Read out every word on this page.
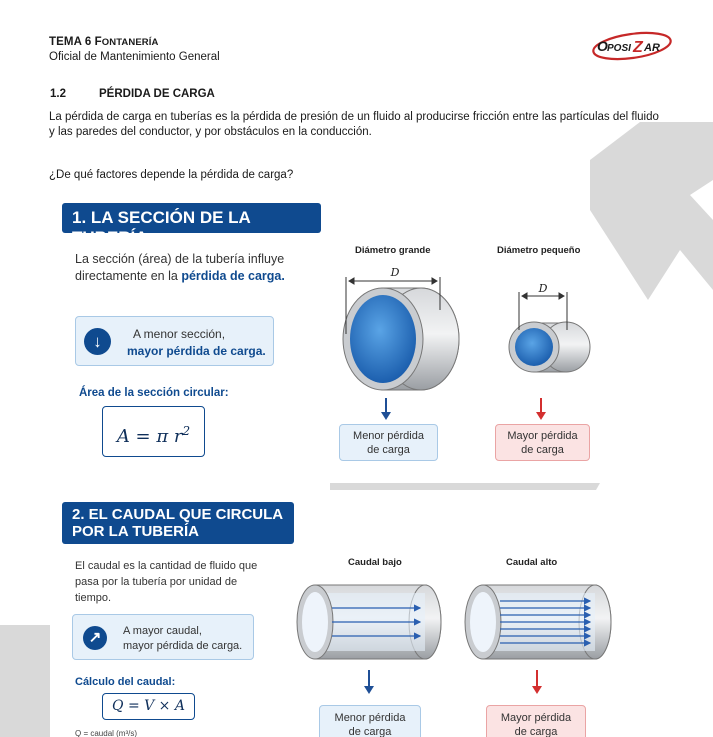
TEMA 6 FONTANERÍA
Oficial de Mantenimiento General
O POSI Z AR
1.2	PÉRDIDA DE CARGA
La pérdida de carga en tuberías es la pérdida de presión de un fluido al producirse fricción entre las partículas del fluido y las paredes del conductor, y por obstáculos en la conducción.
¿De qué factores depende la pérdida de carga?
1. LA SECCIÓN DE LA TUBERÍA
La sección (área) de la tubería influye directamente en la pérdida de carga.
↓	A menor sección,
mayor pérdida de carga.
Área de la sección circular:
A = π $r^2$
Diámetro grande	Diámetro pequeño
D
D
Menor pérdida
de carga
Mayor pérdida
de carga
2. EL CAUDAL QUE CIRCULA
POR LA TUBERÍA
El caudal es la cantidad de fluido que pasa por la tubería por unidad de tiempo.
↗	A mayor caudal,
mayor pérdida de carga.
Cálculo del caudal:
Q = V × A
Q = caudal (m³/s)
Caudal bajo	Caudal alto
Menor pérdida
de carga
Mayor pérdida
de carga
